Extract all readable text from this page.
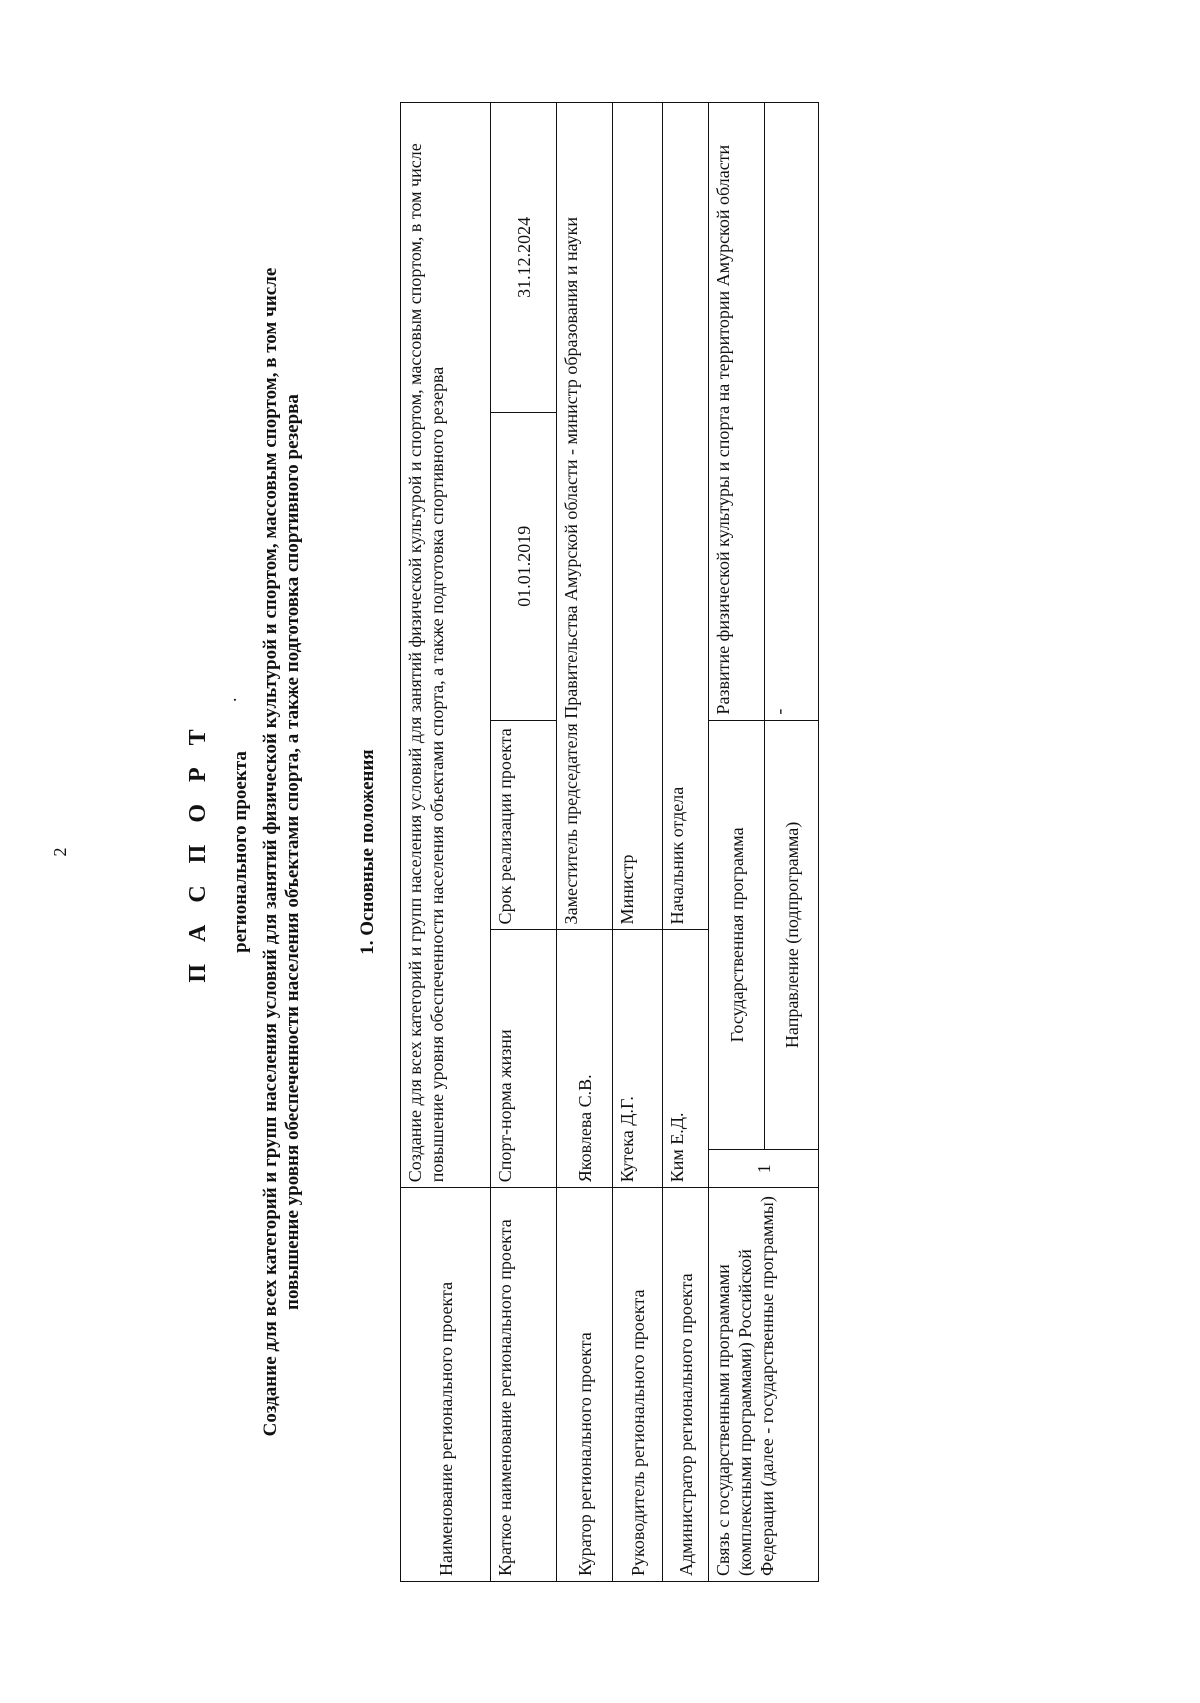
2
.
П А С П О Р Т регионального проекта Создание для всех категорий и групп населения условий для занятий физической культурой и спортом, массовым спортом, в том числе повышение уровня обеспеченности населения объектами спорта, а также подготовка спортивного резерва	1. Основные положения
Наименование регионального проекта	Создание для всех категорий и групп населения условий для занятий физической культурой и спортом, массовым спортом, в том числе повышение уровня обеспеченности населения объектами спорта, а также подготовка спортивного резерва				
Краткое наименование регионального проекта	Спорт-норма жизни		Срок реализации проекта	01.01.2019	31.12.2024
Куратор регионального проекта	Яковлева С.В.		Заместитель председателя Правительства Амурской области - министр образования и науки		
Руководитель регионального проекта	Кутека Д.Г.		Министр		
Администратор регионального проекта	Ким Е.Д.		Начальник отдела		
Связь с государственными программами (комплексными программами) Российской Федерации (далее - государственные программы)	1	Государственная программа		Развитие физической культуры и спорта на территории Амурской области	
		Направление (подпрограмма)		-	
